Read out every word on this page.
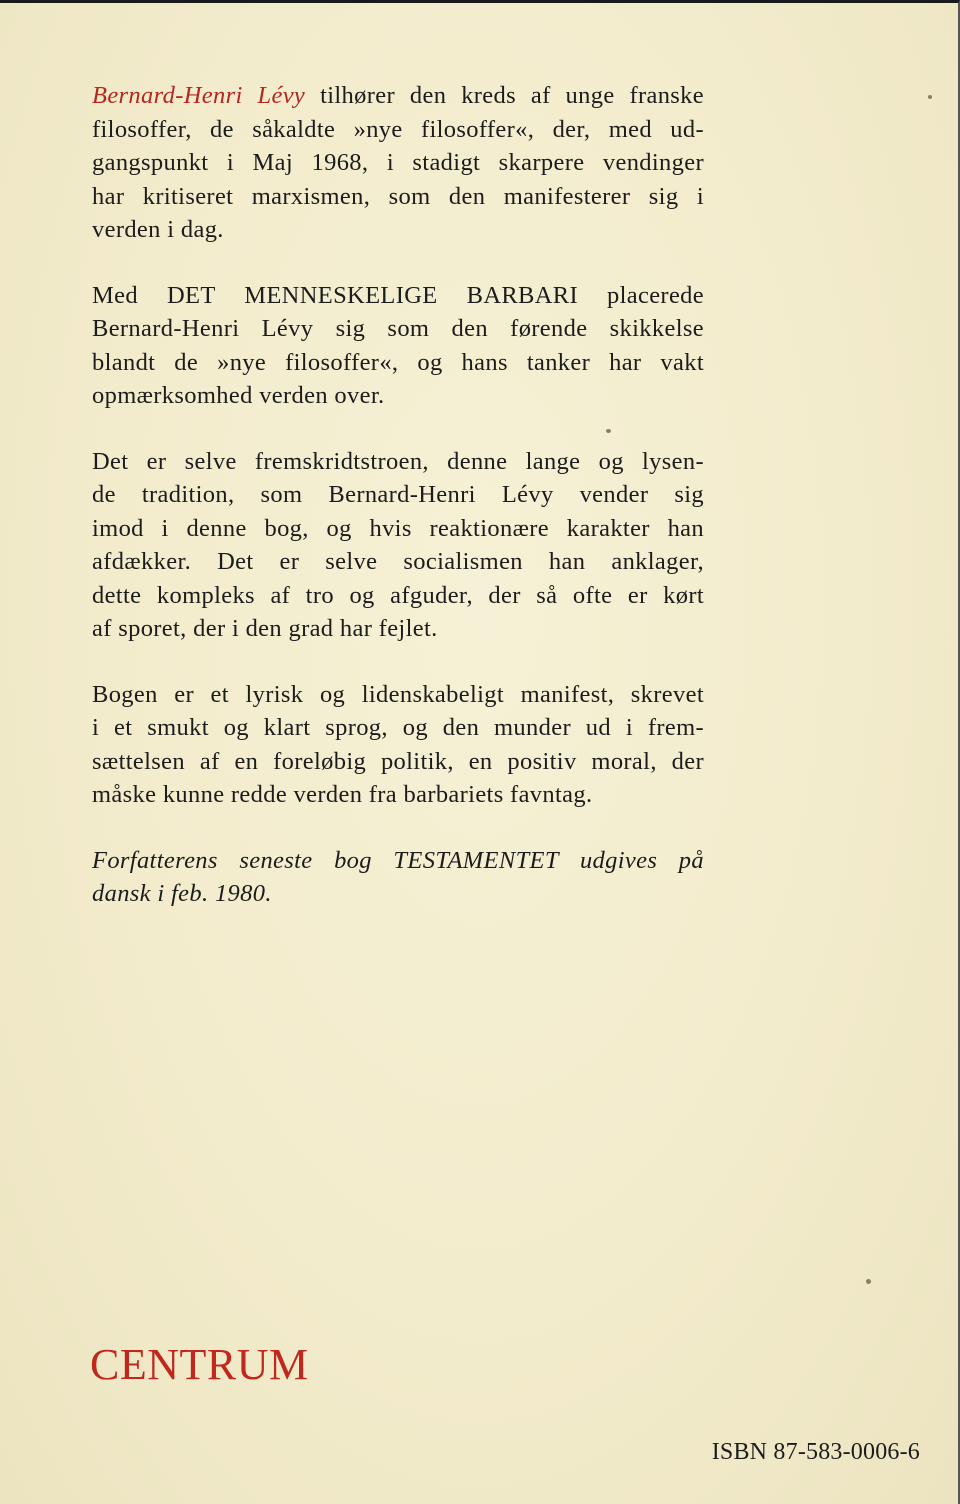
Bernard-Henri Lévy tilhører den kreds af unge franske
filosoffer, de såkaldte »nye filosoffer«, der, med ud-
gangspunkt i Maj 1968, i stadigt skarpere vendinger
har kritiseret marxismen, som den manifesterer sig i
verden i dag.
Med DET MENNESKELIGE BARBARI placerede
Bernard-Henri Lévy sig som den førende skikkelse
blandt de »nye filosoffer«, og hans tanker har vakt
opmærksomhed verden over.
Det er selve fremskridtstroen, denne lange og lysen-
de tradition, som Bernard-Henri Lévy vender sig
imod i denne bog, og hvis reaktionære karakter han
afdækker. Det er selve socialismen han anklager,
dette kompleks af tro og afguder, der så ofte er kørt
af sporet, der i den grad har fejlet.
Bogen er et lyrisk og lidenskabeligt manifest, skrevet
i et smukt og klart sprog, og den munder ud i frem-
sættelsen af en foreløbig politik, en positiv moral, der
måske kunne redde verden fra barbariets favntag.
Forfatterens seneste bog TESTAMENTET udgives på
dansk i feb. 1980.
CENTRUM
ISBN 87-583-0006-6
